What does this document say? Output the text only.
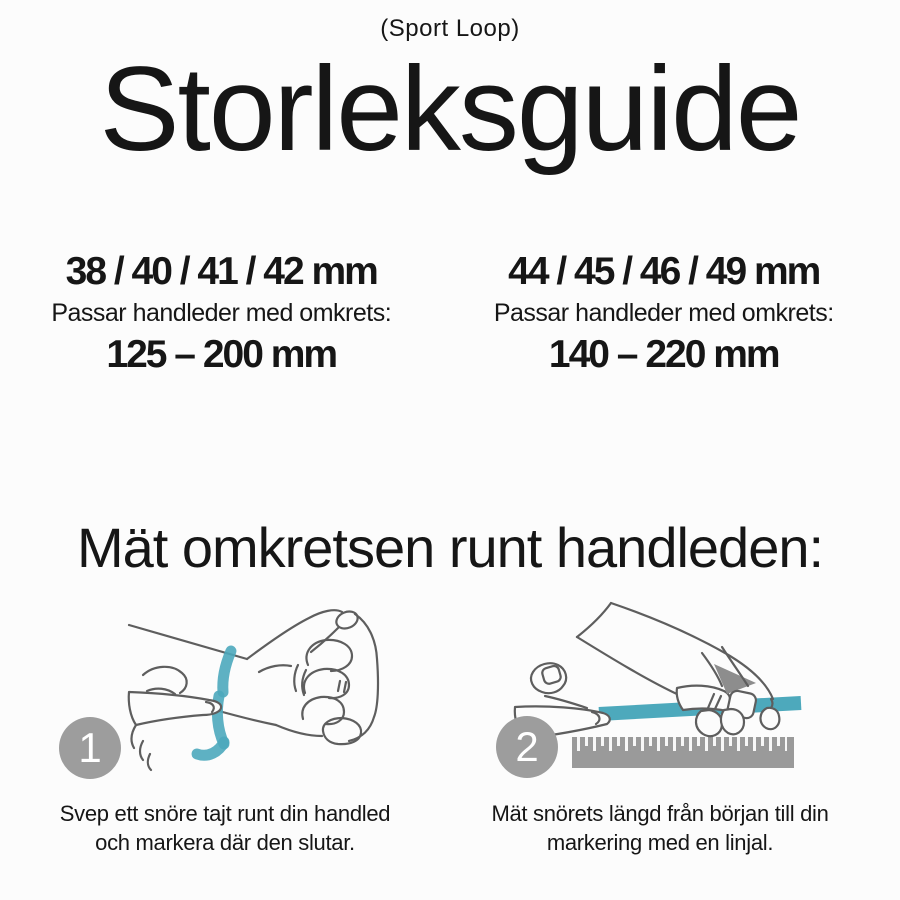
(Sport Loop)
Storleksguide
38 / 40 / 41 / 42 mm
Passar handleder med omkrets:
125 – 200 mm
44 / 45 / 46 / 49 mm
Passar handleder med omkrets:
140 – 220 mm
Mät omkretsen runt handleden:
1
Svep ett snöre tajt runt din handled och markera där den slutar.
2
Mät snörets längd från början till din markering med en linjal.
